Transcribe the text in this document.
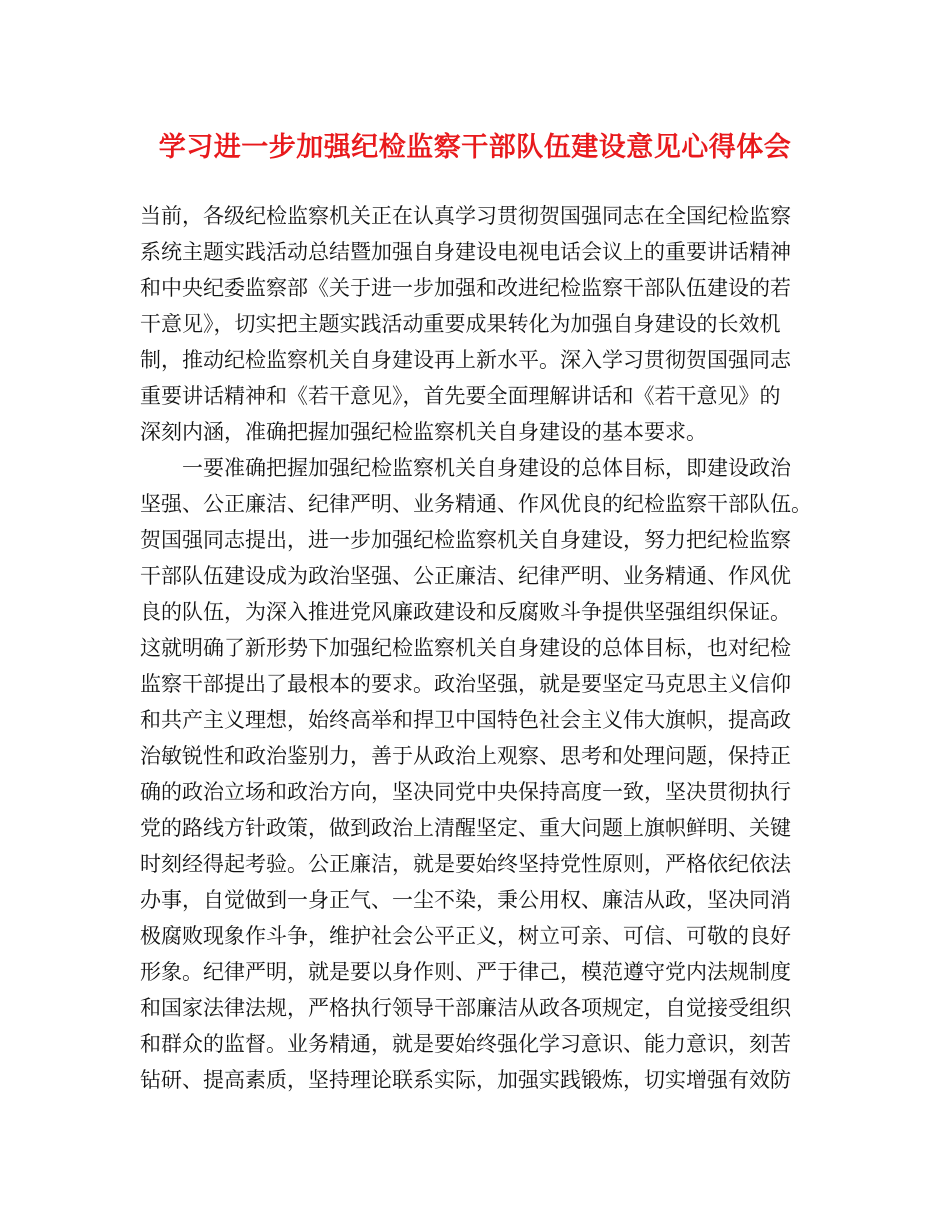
学习进一步加强纪检监察干部队伍建设意见心得体会
当前，各级纪检监察机关正在认真学习贯彻贺国强同志在全国纪检监察
系统主题实践活动总结暨加强自身建设电视电话会议上的重要讲话精神
和中央纪委监察部《关于进一步加强和改进纪检监察干部队伍建设的若
干意见》，切实把主题实践活动重要成果转化为加强自身建设的长效机
制，推动纪检监察机关自身建设再上新水平。深入学习贯彻贺国强同志
重要讲话精神和《若干意见》，首先要全面理解讲话和《若干意见》的
深刻内涵，准确把握加强纪检监察机关自身建设的基本要求。
　　一要准确把握加强纪检监察机关自身建设的总体目标，即建设政治
坚强、公正廉洁、纪律严明、业务精通、作风优良的纪检监察干部队伍。
贺国强同志提出，进一步加强纪检监察机关自身建设，努力把纪检监察
干部队伍建设成为政治坚强、公正廉洁、纪律严明、业务精通、作风优
良的队伍，为深入推进党风廉政建设和反腐败斗争提供坚强组织保证。
这就明确了新形势下加强纪检监察机关自身建设的总体目标，也对纪检
监察干部提出了最根本的要求。政治坚强，就是要坚定马克思主义信仰
和共产主义理想，始终高举和捍卫中国特色社会主义伟大旗帜，提高政
治敏锐性和政治鉴别力，善于从政治上观察、思考和处理问题，保持正
确的政治立场和政治方向，坚决同党中央保持高度一致，坚决贯彻执行
党的路线方针政策，做到政治上清醒坚定、重大问题上旗帜鲜明、关键
时刻经得起考验。公正廉洁，就是要始终坚持党性原则，严格依纪依法
办事，自觉做到一身正气、一尘不染，秉公用权、廉洁从政，坚决同消
极腐败现象作斗争，维护社会公平正义，树立可亲、可信、可敬的良好
形象。纪律严明，就是要以身作则、严于律己，模范遵守党内法规制度
和国家法律法规，严格执行领导干部廉洁从政各项规定，自觉接受组织
和群众的监督。业务精通，就是要始终强化学习意识、能力意识，刻苦
钻研、提高素质，坚持理论联系实际，加强实践锻炼，切实增强有效防
